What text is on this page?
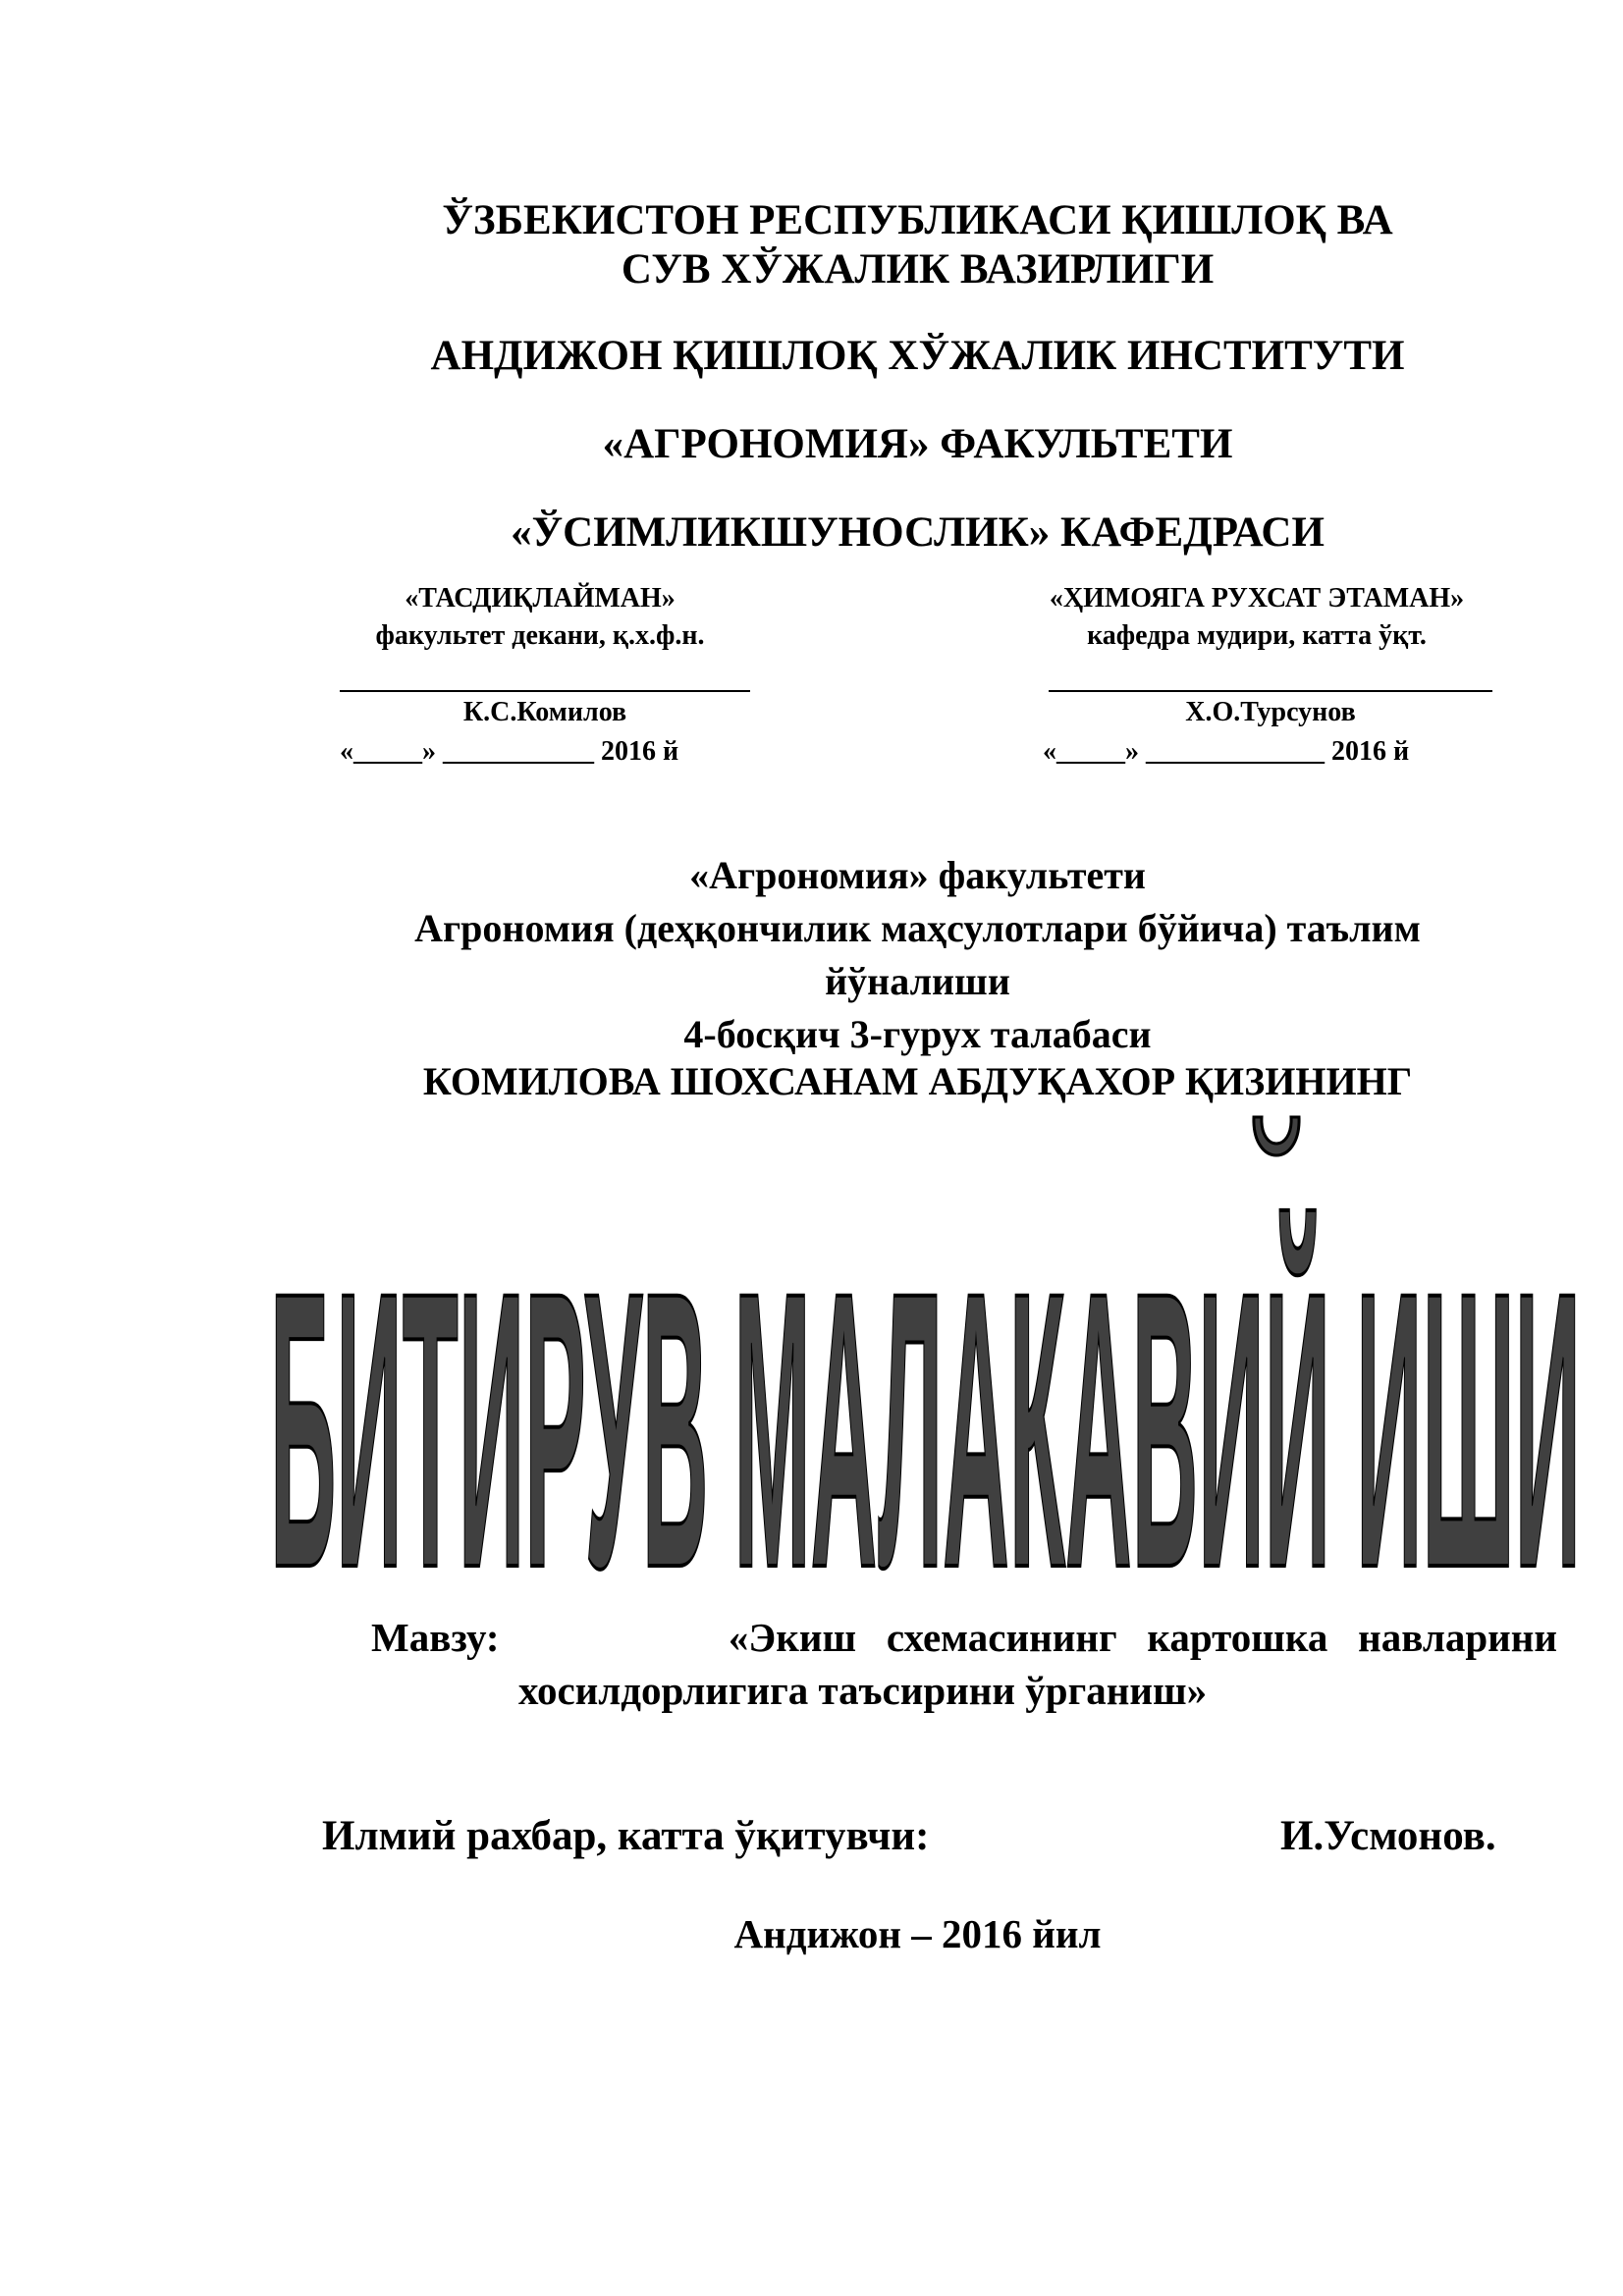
ЎЗБЕКИСТОН РЕСПУБЛИКАСИ ҚИШЛОҚ ВА
СУВ ХЎЖАЛИК ВАЗИРЛИГИ
АНДИЖОН ҚИШЛОҚ ХЎЖАЛИК ИНСТИТУТИ
«АГРОНОМИЯ» ФАКУЛЬТЕТИ
«ЎСИМЛИКШУНОСЛИК» КАФЕДРАСИ
«ТАСДИҚЛАЙМАН»
факультет декани, қ.х.ф.н.
К.С.Комилов
«_____» ___________ 2016 й
«ҲИМОЯГА РУХСАТ ЭТАМАН»
кафедра мудири, катта ўқт.
Х.О.Турсунов
«_____» _____________ 2016 й
«Агрономия» факультети
Агрономия (деҳқончилик маҳсулотлари бўйича) таълим
йўналиши
4-босқич 3-гурух талабаси
КОМИЛОВА ШОХСАНАМ АБДУҚАХОР ҚИЗИНИНГ
БИТИРУВ МАЛАКАВИЙ ИШИ
Мавзу:	«Экиш   схемасининг   картошка   навларини
хосилдорлигига таъсирини ўрганиш»
Илмий рахбар, катта ўқитувчи:	И.Усмонов.
Андижон – 2016 йил
